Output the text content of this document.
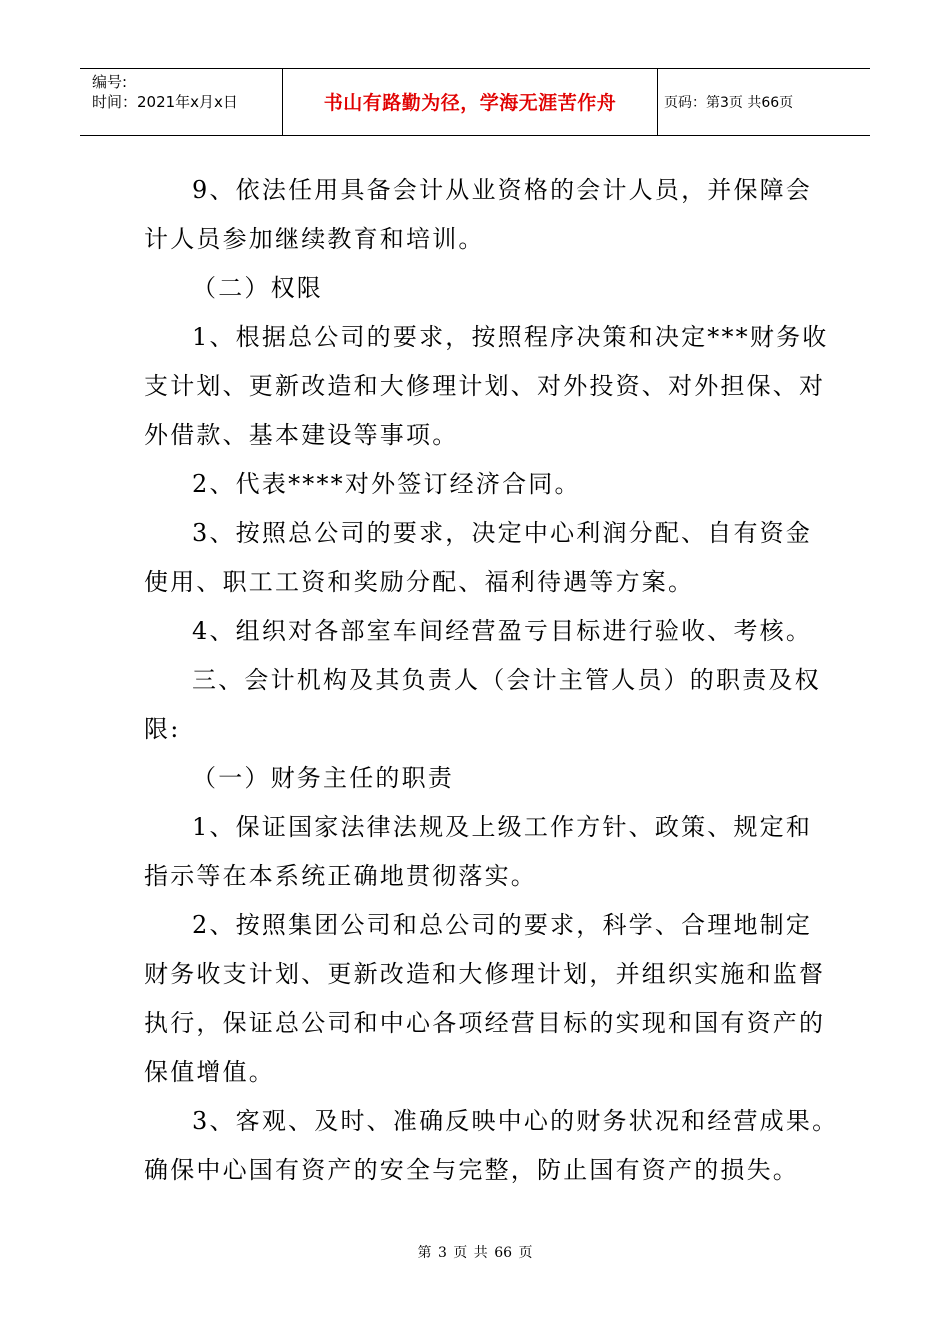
编号:
时间：2021年x月x日	书山有路勤为径，学海无涯苦作舟	页码：第3页 共66页
9、依法任用具备会计从业资格的会计人员，并保障会
计人员参加继续教育和培训。
（二）权限
1、根据总公司的要求，按照程序决策和决定***财务收
支计划、更新改造和大修理计划、对外投资、对外担保、对
外借款、基本建设等事项。
2、代表****对外签订经济合同。
3、按照总公司的要求，决定中心利润分配、自有资金
使用、职工工资和奖励分配、福利待遇等方案。
4、组织对各部室车间经营盈亏目标进行验收、考核。
三、会计机构及其负责人（会计主管人员）的职责及权
限:
（一）财务主任的职责
1、保证国家法律法规及上级工作方针、政策、规定和
指示等在本系统正确地贯彻落实。
2、按照集团公司和总公司的要求，科学、合理地制定
财务收支计划、更新改造和大修理计划，并组织实施和监督
执行，保证总公司和中心各项经营目标的实现和国有资产的
保值增值。
3、客观、及时、准确反映中心的财务状况和经营成果。
确保中心国有资产的安全与完整，防止国有资产的损失。
第 3 页 共 66 页
